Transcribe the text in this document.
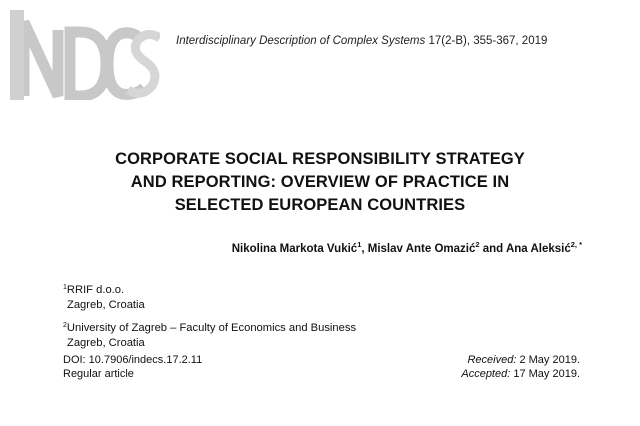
Interdisciplinary Description of Complex Systems 17(2-B), 355-367, 2019
CORPORATE SOCIAL RESPONSIBILITY STRATEGY
AND REPORTING: OVERVIEW OF PRACTICE IN
SELECTED EUROPEAN COUNTRIES
Nikolina Markota Vukić$^1$, Mislav Ante Omazić$^2$ and Ana Aleksić$^{2, *}$
$^1$RRIF d.o.o.
Zagreb, Croatia
$^2$University of Zagreb – Faculty of Economics and Business
Zagreb, Croatia
DOI: 10.7906/indecs.17.2.11
Regular article
Received: 2 May 2019.
Accepted: 17 May 2019.
